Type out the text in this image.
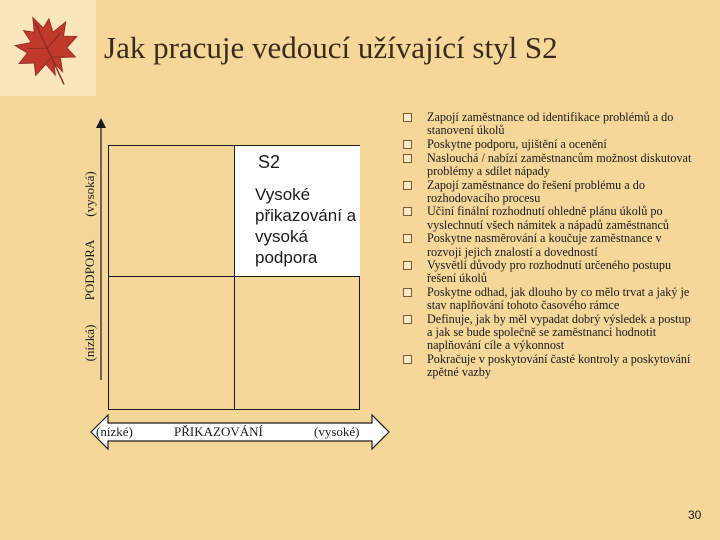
Jak pracuje vedoucí užívající styl S2
S2
Vysoké přikazování a vysoká podpora
(vysoká)
PODPORA
(nízká)
(nízké)	PŘIKAZOVÁNÍ	(vysoké)
Zapojí zaměstnance od identifikace problémů a do stanovení úkolů
Poskytne podporu, ujištění a ocenění
Naslouchá / nabízí zaměstnancům možnost diskutovat problémy a sdílet nápady
Zapojí zaměstnance do řešení problému a do rozhodovacího procesu
Učiní finální rozhodnutí ohledně plánu úkolů po vyslechnutí všech námitek a nápadů zaměstnanců
Poskytne nasměrování a koučuje zaměstnance v rozvoji jejich znalostí a dovedností
Vysvětlí důvody pro rozhodnutí určeného postupu řešení úkolů
Poskytne odhad, jak dlouho by co mělo trvat a jaký je stav naplňování tohoto časového rámce
Definuje, jak by měl vypadat dobrý výsledek a postup a jak se bude společně se zaměstnanci hodnotit naplňování cíle a výkonnost
Pokračuje v poskytování časté kontroly a poskytování zpětné vazby
30
